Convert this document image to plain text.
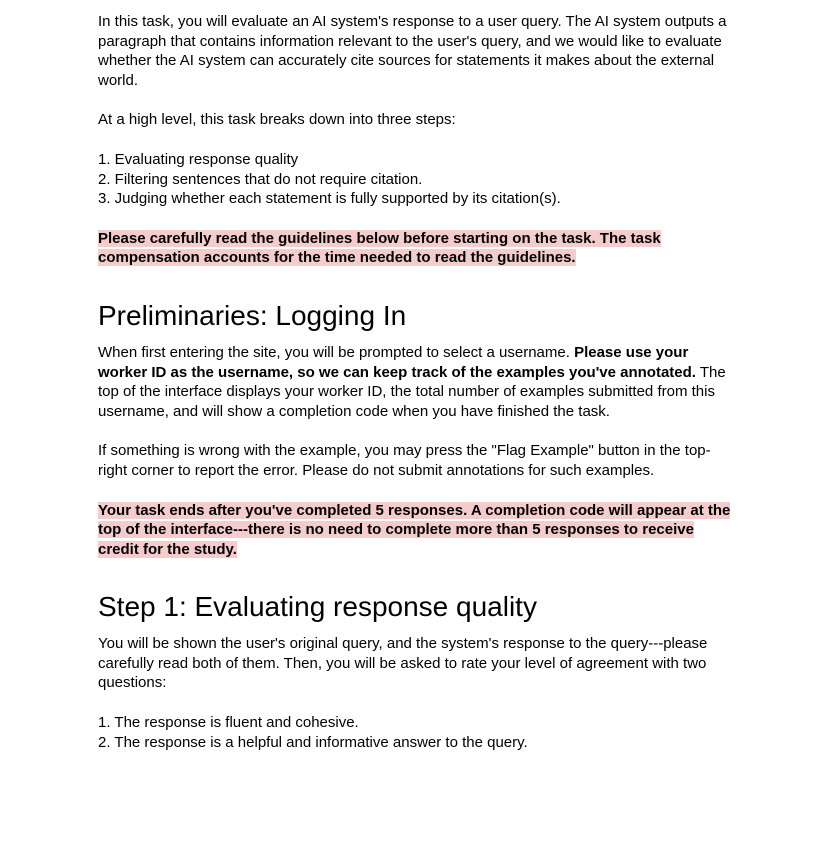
In this task, you will evaluate an AI system's response to a user query. The AI system outputs a paragraph that contains information relevant to the user's query, and we would like to evaluate whether the AI system can accurately cite sources for statements it makes about the external world.

At a high level, this task breaks down into three steps:

1. Evaluating response quality
2. Filtering sentences that do not require citation.
3. Judging whether each statement is fully supported by its citation(s).

Please carefully read the guidelines below before starting on the task. The task compensation accounts for the time needed to read the guidelines.

Preliminaries: Logging In

When first entering the site, you will be prompted to select a username. Please use your worker ID as the username, so we can keep track of the examples you've annotated. The top of the interface displays your worker ID, the total number of examples submitted from this username, and will show a completion code when you have finished the task.

If something is wrong with the example, you may press the "Flag Example" button in the top-right corner to report the error. Please do not submit annotations for such examples.

Your task ends after you've completed 5 responses. A completion code will appear at the top of the interface---there is no need to complete more than 5 responses to receive credit for the study.

Step 1: Evaluating response quality

You will be shown the user's original query, and the system's response to the query---please carefully read both of them. Then, you will be asked to rate your level of agreement with two questions:

1. The response is fluent and cohesive.
2. The response is a helpful and informative answer to the query.
